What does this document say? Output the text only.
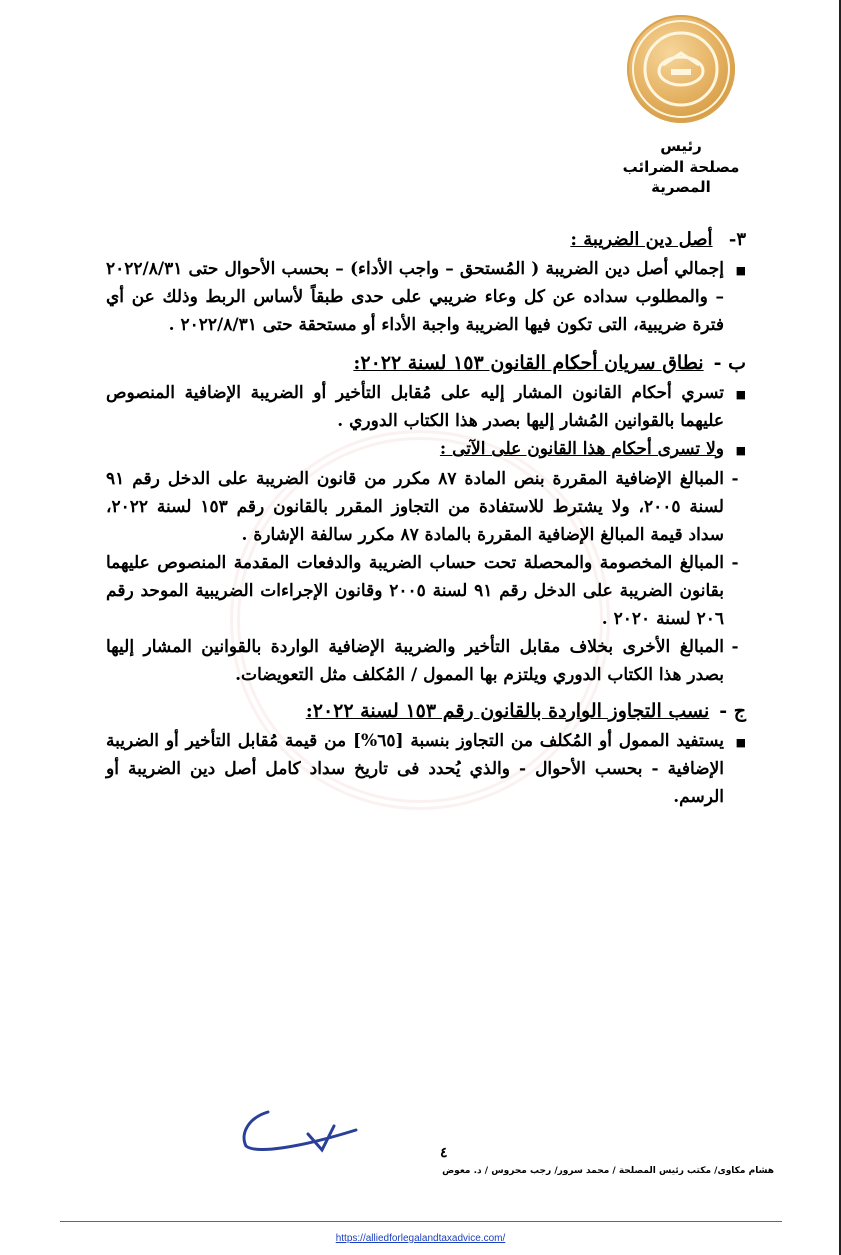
رئيس
مصلحة الضرائب المصرية
٣- أصل دين الضريبة :
■
إجمالي أصل دين الضريبة ( المُستحق – واجب الأداء) – بحسب الأحوال حتى ٢٠٢٢/٨/٣١ – والمطلوب سداده عن كل وعاء ضريبي على حدى طبقاً لأساس الربط وذلك عن أي فترة ضريبية، التى تكون فيها الضريبة واجبة الأداء أو مستحقة حتى ٢٠٢٢/٨/٣١ .
ب -
نطاق سريان أحكام القانون ١٥٣ لسنة ٢٠٢٢:
■
تسري أحكام القانون المشار إليه على مُقابل التأخير أو الضريبة الإضافية المنصوص عليهما بالقوانين المُشار إليها بصدر هذا الكتاب الدوري .
■
ولا تسرى أحكام هذا القانون على الآتى :
-
المبالغ الإضافية المقررة بنص المادة ٨٧ مكرر من قانون الضريبة على الدخل رقم ٩١ لسنة ٢٠٠٥، ولا يشترط للاستفادة من التجاوز المقرر بالقانون رقم ١٥٣ لسنة ٢٠٢٢، سداد قيمة المبالغ الإضافية المقررة بالمادة ٨٧ مكرر سالفة الإشارة .
-
المبالغ المخصومة والمحصلة تحت حساب الضريبة والدفعات المقدمة المنصوص عليهما بقانون الضريبة على الدخل رقم ٩١ لسنة ٢٠٠٥ وقانون الإجراءات الضريبية الموحد رقم ٢٠٦ لسنة ٢٠٢٠ .
-
المبالغ الأخرى بخلاف مقابل التأخير والضريبة الإضافية الواردة بالقوانين المشار إليها بصدر هذا الكتاب الدوري ويلتزم بها الممول / المُكلف مثل التعويضات.
ج -
نسب التجاوز الواردة بالقانون رقم ١٥٣ لسنة ٢٠٢٢:
■
يستفيد الممول أو المُكلف من التجاوز بنسبة [٦٥%] من قيمة مُقابل التأخير أو الضريبة الإضافية - بحسب الأحوال - والذي يُحدد فى تاريخ سداد كامل أصل دين الضريبة أو الرسم.
٤
هشام مكاوى/ مكتب رئيس المصلحة / محمد سرور/ رجب محروس / د. معوض
https://alliedforlegalandtaxadvice.com/
